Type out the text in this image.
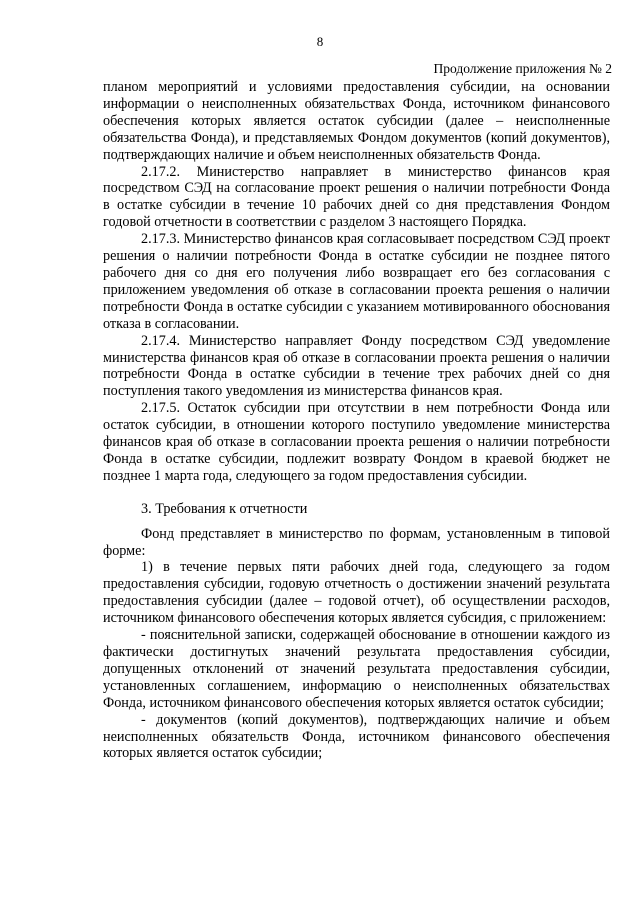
8
Продолжение приложения № 2

планом мероприятий и условиями предоставления субсидии, на основании информации о неисполненных обязательствах Фонда, источником финансового обеспечения которых является остаток субсидии (далее – неисполненные обязательства Фонда), и представляемых Фондом документов (копий документов), подтверждающих наличие и объем неисполненных обязательств Фонда.

2.17.2. Министерство направляет в министерство финансов края посредством СЭД на согласование проект решения о наличии потребности Фонда в остатке субсидии в течение 10 рабочих дней со дня представления Фондом годовой отчетности в соответствии с разделом 3 настоящего Порядка.

2.17.3. Министерство финансов края согласовывает посредством СЭД проект решения о наличии потребности Фонда в остатке субсидии не позднее пятого рабочего дня со дня его получения либо возвращает его без согласования с приложением уведомления об отказе в согласовании проекта решения о наличии потребности Фонда в остатке субсидии с указанием мотивированного обоснования отказа в согласовании.

2.17.4. Министерство направляет Фонду посредством СЭД уведомление министерства финансов края об отказе в согласовании проекта решения о наличии потребности Фонда в остатке субсидии в течение трех рабочих дней со дня поступления такого уведомления из министерства финансов края.

2.17.5. Остаток субсидии при отсутствии в нем потребности Фонда или остаток субсидии, в отношении которого поступило уведомление министерства финансов края об отказе в согласовании проекта решения о наличии потребности Фонда в остатке субсидии, подлежит возврату Фондом в краевой бюджет не позднее 1 марта года, следующего за годом предоставления субсидии.

3. Требования к отчетности

Фонд представляет в министерство по формам, установленным в типовой форме:

1) в течение первых пяти рабочих дней года, следующего за годом предоставления субсидии, годовую отчетность о достижении значений результата предоставления субсидии (далее – годовой отчет), об осуществлении расходов, источником финансового обеспечения которых является субсидия, с приложением:

- пояснительной записки, содержащей обоснование в отношении каждого из фактически достигнутых значений результата предоставления субсидии, допущенных отклонений от значений результата предоставления субсидии, установленных соглашением, информацию о неисполненных обязательствах Фонда, источником финансового обеспечения которых является остаток субсидии;

- документов (копий документов), подтверждающих наличие и объем неисполненных обязательств Фонда, источником финансового обеспечения которых является остаток субсидии;
